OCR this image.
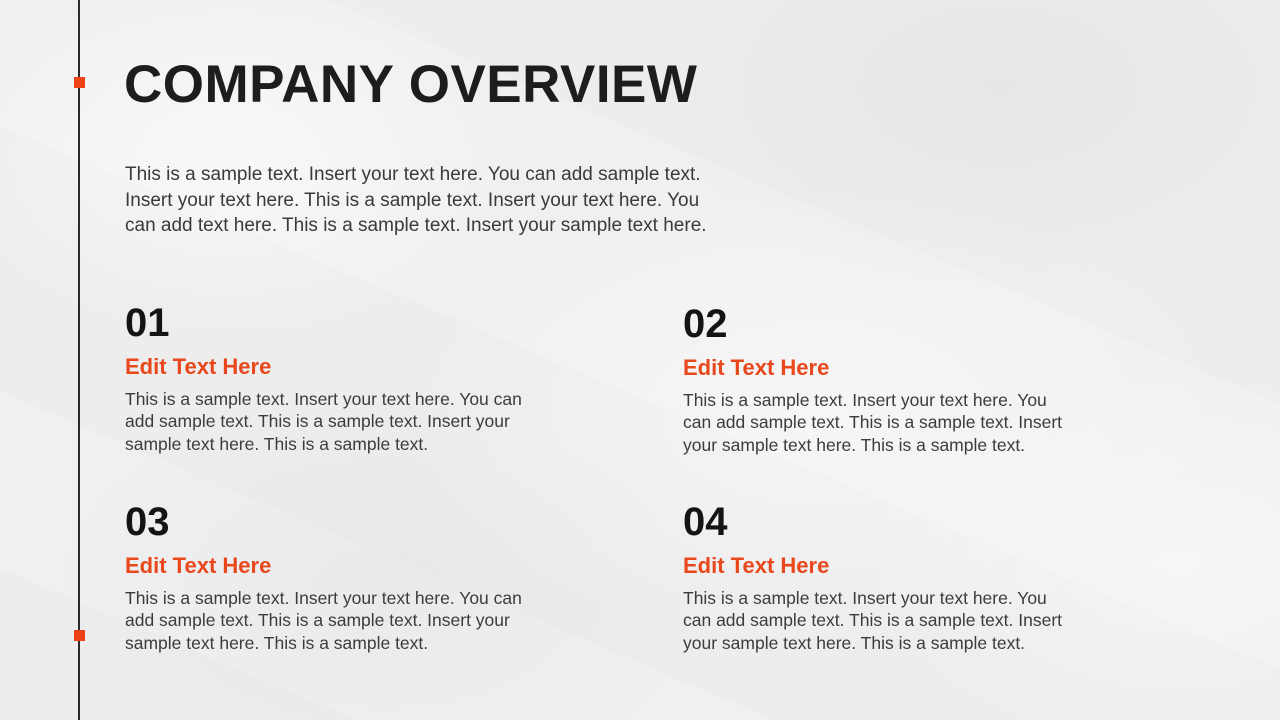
COMPANY OVERVIEW
This is a sample text. Insert your text here. You can add sample text.
Insert your text here. This is a sample text. Insert your text here. You
can add text here. This is a sample text. Insert your sample text here.

01

Edit Text Here

This is a sample text. Insert your text here. You can
add sample text. This is a sample text. Insert your
sample text here. This is a sample text.

02

Edit Text Here

This is a sample text. Insert your text here. You
can add sample text. This is a sample text. Insert
your sample text here. This is a sample text.

03

Edit Text Here

This is a sample text. Insert your text here. You can
add sample text. This is a sample text. Insert your
sample text here. This is a sample text.

04

Edit Text Here

This is a sample text. Insert your text here. You
can add sample text. This is a sample text. Insert
your sample text here. This is a sample text.
